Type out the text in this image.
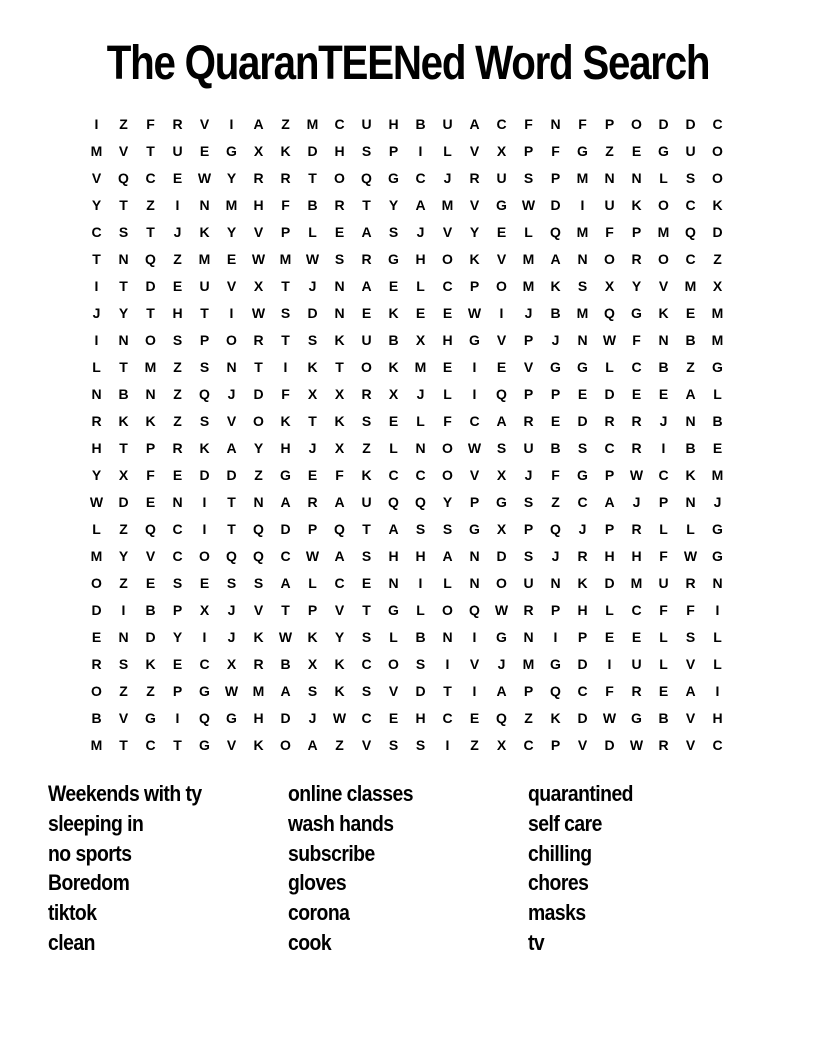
The QuaranTEENed Word Search
I	Z	F	R	V	I	A	Z	M	C	U	H	B	U	A	C	F	N	F	P	O	D	D	C
M	V	T	U	E	G	X	K	D	H	S	P	I	L	V	X	P	F	G	Z	E	G	U	O
V	Q	C	E	W	Y	R	R	T	O	Q	G	C	J	R	U	S	P	M	N	N	L	S	O
Y	T	Z	I	N	M	H	F	B	R	T	Y	A	M	V	G	W	D	I	U	K	O	C	K
C	S	T	J	K	Y	V	P	L	E	A	S	J	V	Y	E	L	Q	M	F	P	M	Q	D
T	N	Q	Z	M	E	W	M	W	S	R	G	H	O	K	V	M	A	N	O	R	O	C	Z
I	T	D	E	U	V	X	T	J	N	A	E	L	C	P	O	M	K	S	X	Y	V	M	X
J	Y	T	H	T	I	W	S	D	N	E	K	E	E	W	I	J	B	M	Q	G	K	E	M
I	N	O	S	P	O	R	T	S	K	U	B	X	H	G	V	P	J	N	W	F	N	B	M
L	T	M	Z	S	N	T	I	K	T	O	K	M	E	I	E	V	G	G	L	C	B	Z	G
N	B	N	Z	Q	J	D	F	X	X	R	X	J	L	I	Q	P	P	E	D	E	E	A	L
R	K	K	Z	S	V	O	K	T	K	S	E	L	F	C	A	R	E	D	R	R	J	N	B
H	T	P	R	K	A	Y	H	J	X	Z	L	N	O	W	S	U	B	S	C	R	I	B	E
Y	X	F	E	D	D	Z	G	E	F	K	C	C	O	V	X	J	F	G	P	W	C	K	M
W	D	E	N	I	T	N	A	R	A	U	Q	Q	Y	P	G	S	Z	C	A	J	P	N	J
L	Z	Q	C	I	T	Q	D	P	Q	T	A	S	S	G	X	P	Q	J	P	R	L	L	G
M	Y	V	C	O	Q	Q	C	W	A	S	H	H	A	N	D	S	J	R	H	H	F	W	G
O	Z	E	S	E	S	S	A	L	C	E	N	I	L	N	O	U	N	K	D	M	U	R	N
D	I	B	P	X	J	V	T	P	V	T	G	L	O	Q	W	R	P	H	L	C	F	F	I
E	N	D	Y	I	J	K	W	K	Y	S	L	B	N	I	G	N	I	P	E	E	L	S	L
R	S	K	E	C	X	R	B	X	K	C	O	S	I	V	J	M	G	D	I	U	L	V	L
O	Z	Z	P	G	W	M	A	S	K	S	V	D	T	I	A	P	Q	C	F	R	E	A	I
B	V	G	I	Q	G	H	D	J	W	C	E	H	C	E	Q	Z	K	D	W	G	B	V	H
M	T	C	T	G	V	K	O	A	Z	V	S	S	I	Z	X	C	P	V	D	W	R	V	C
Weekends with ty
sleeping in
no sports
Boredom
tiktok
clean
online classes
wash hands
subscribe
gloves
corona
cook
quarantined
self care
chilling
chores
masks
tv
